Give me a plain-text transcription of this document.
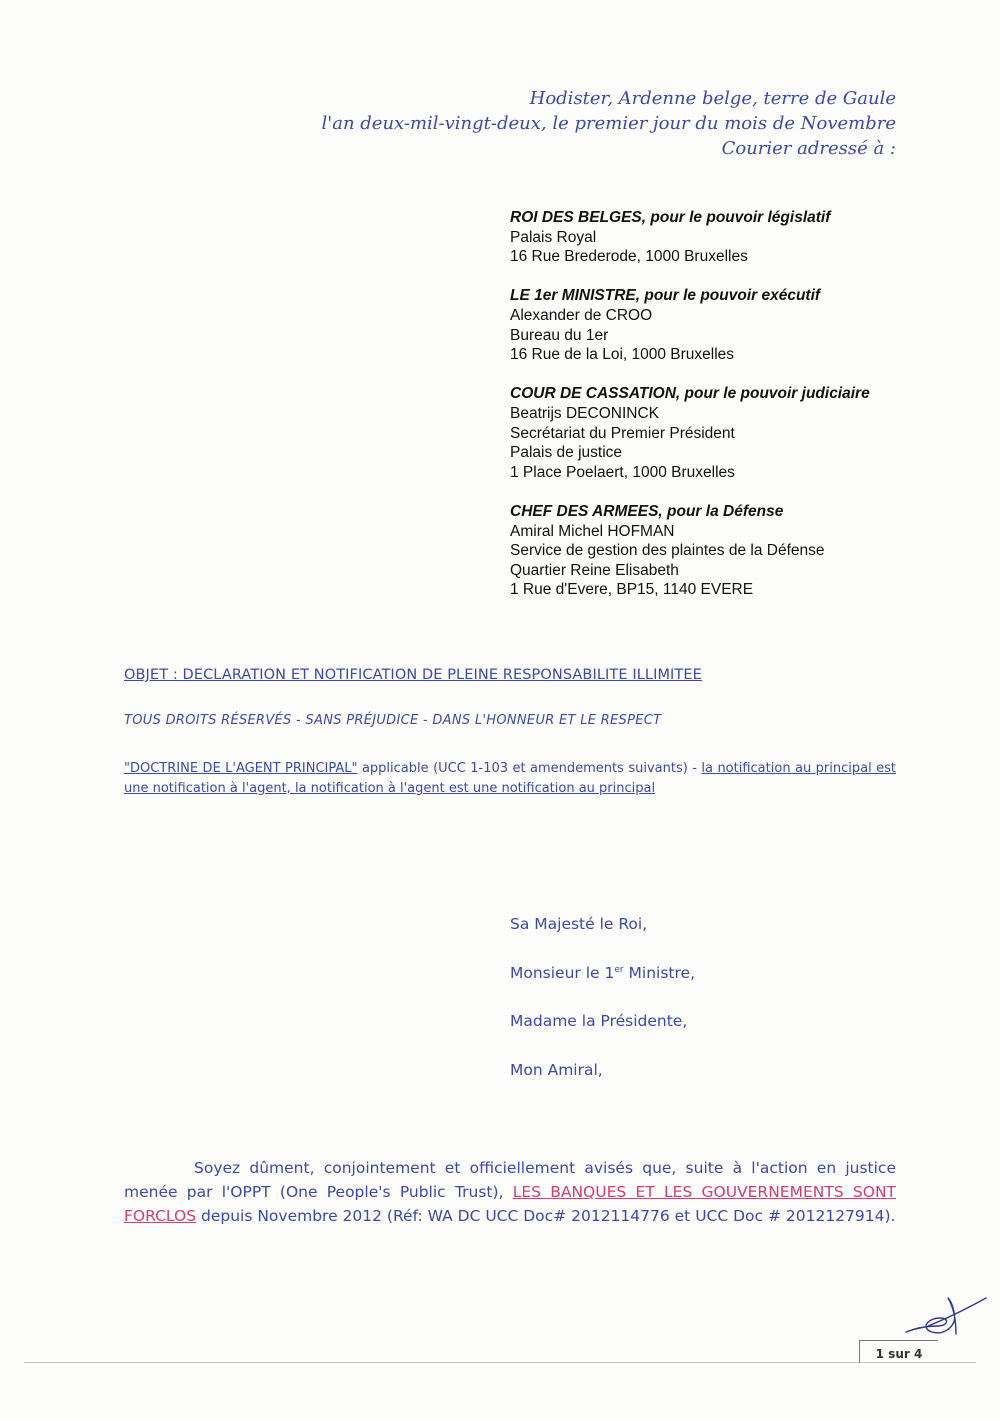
Hodister, Ardenne belge, terre de Gaule
l'an deux-mil-vingt-deux, le premier jour du mois de Novembre
Courier adressé à :
ROI DES BELGES, pour le pouvoir législatif
Palais Royal
16 Rue Brederode, 1000 Bruxelles
LE 1er MINISTRE, pour le pouvoir exécutif
Alexander de CROO
Bureau du 1er
16 Rue de la Loi, 1000 Bruxelles
COUR DE CASSATION, pour le pouvoir judiciaire
Beatrijs DECONINCK
Secrétariat du Premier Président
Palais de justice
1 Place Poelaert, 1000 Bruxelles
CHEF DES ARMEES, pour la Défense
Amiral Michel HOFMAN
Service de gestion des plaintes de la Défense
Quartier Reine Elisabeth
1 Rue d'Evere, BP15, 1140 EVERE
OBJET : DECLARATION ET NOTIFICATION DE PLEINE RESPONSABILITE ILLIMITEE
TOUS DROITS RÉSERVÉS - SANS PRÉJUDICE - DANS L'HONNEUR ET LE RESPECT
"DOCTRINE DE L'AGENT PRINCIPAL" applicable (UCC 1-103 et amendements suivants) - la notification au principal est une notification à l'agent, la notification à l'agent est une notification au principal
Sa Majesté le Roi,
Monsieur le 1er Ministre,
Madame la Présidente,
Mon Amiral,
Soyez dûment, conjointement et officiellement avisés que, suite à l'action en justice menée par l'OPPT (One People's Public Trust), LES BANQUES ET LES GOUVERNEMENTS SONT FORCLOS depuis Novembre 2012 (Réf: WA DC UCC Doc# 2012114776 et UCC Doc # 2012127914).
1 sur 4
